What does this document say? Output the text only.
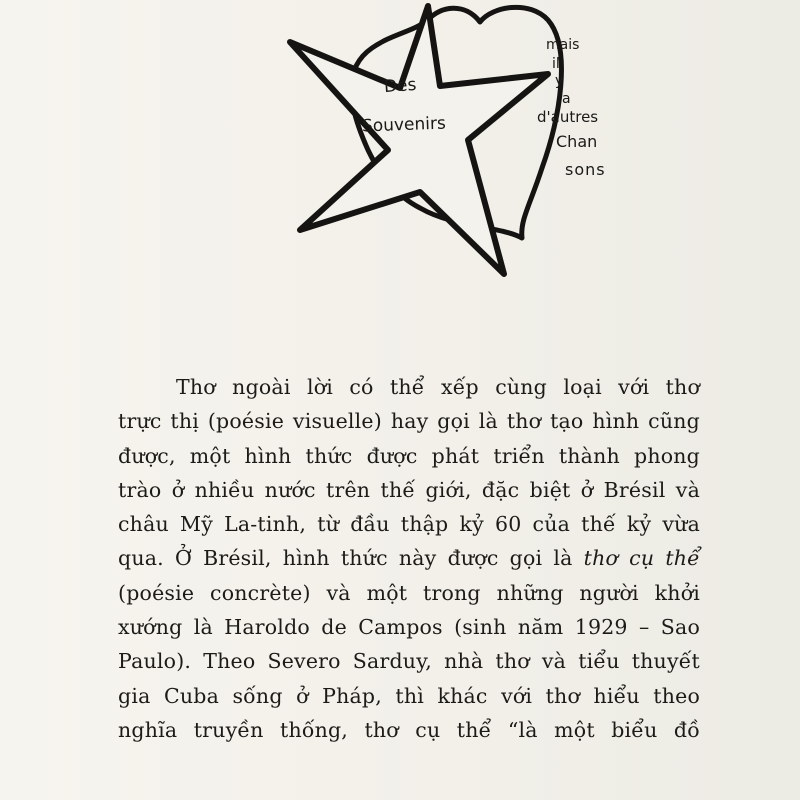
Des
Souvenirs
mais
il
y
a
d'autres
Chan
sons
Thơ ngoài lời có thể xếp cùng loại với thơ
trực thị (poésie visuelle) hay gọi là thơ tạo hình cũng
được, một hình thức được phát triển thành phong
trào ở nhiều nước trên thế giới, đặc biệt ở Brésil và
châu Mỹ La-tinh, từ đầu thập kỷ 60 của thế kỷ vừa
qua. Ở Brésil, hình thức này được gọi là thơ cụ thể
(poésie concrète) và một trong những người khởi
xướng là Haroldo de Campos (sinh năm 1929 – Sao
Paulo). Theo Severo Sarduy, nhà thơ và tiểu thuyết
gia Cuba sống ở Pháp, thì khác với thơ hiểu theo
nghĩa truyền thống, thơ cụ thể “là một biểu đồ
